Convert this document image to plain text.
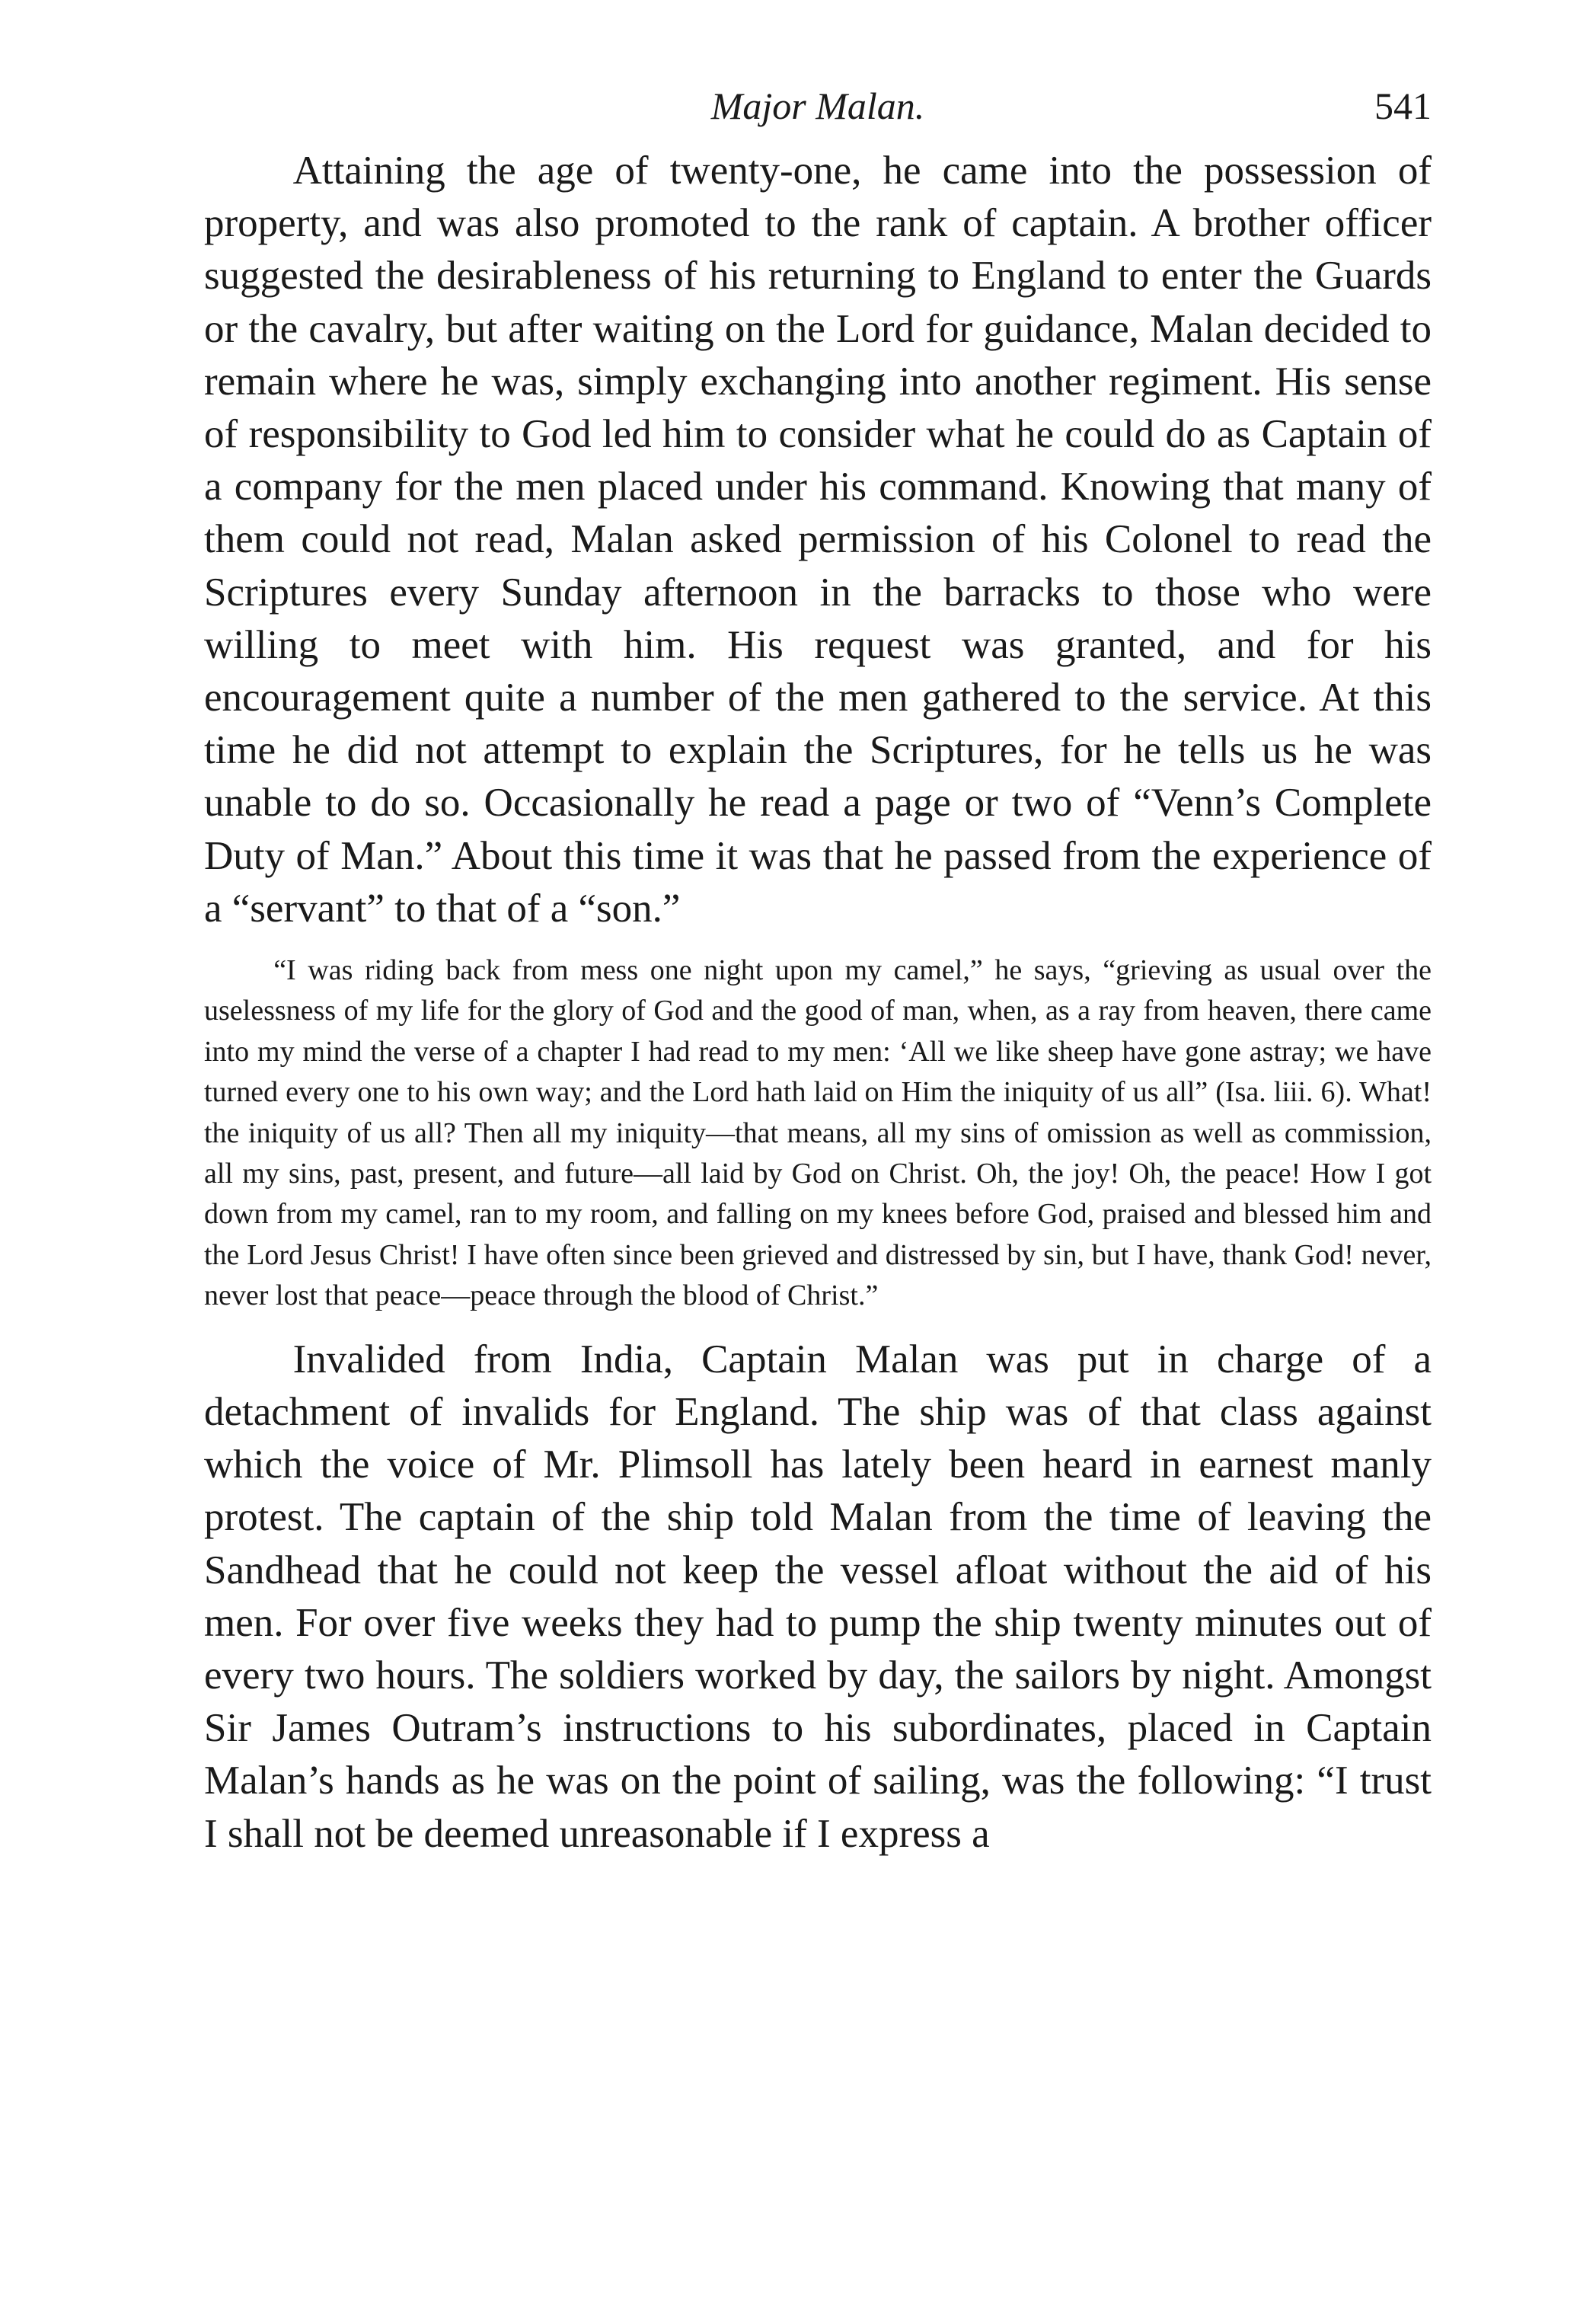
Major Malan.	541

Attaining the age of twenty-one, he came into the possession of property, and was also promoted to the rank of captain. A brother officer suggested the desirableness of his returning to England to enter the Guards or the cavalry, but after waiting on the Lord for guidance, Malan decided to remain where he was, simply exchanging into another regiment. His sense of responsibility to God led him to consider what he could do as Captain of a company for the men placed under his command. Knowing that many of them could not read, Malan asked permission of his Colonel to read the Scriptures every Sunday afternoon in the barracks to those who were willing to meet with him. His request was granted, and for his encouragement quite a number of the men gathered to the service. At this time he did not attempt to explain the Scriptures, for he tells us he was unable to do so. Occasionally he read a page or two of “Venn’s Complete Duty of Man.” About this time it was that he passed from the experience of a “servant” to that of a “son.”

“I was riding back from mess one night upon my camel,” he says, “grieving as usual over the uselessness of my life for the glory of God and the good of man, when, as a ray from heaven, there came into my mind the verse of a chapter I had read to my men: ‘All we like sheep have gone astray; we have turned every one to his own way; and the Lord hath laid on Him the iniquity of us all” (Isa. liii. 6). What! the iniquity of us all? Then all my iniquity—that means, all my sins of omission as well as commission, all my sins, past, present, and future—all laid by God on Christ. Oh, the joy! Oh, the peace! How I got down from my camel, ran to my room, and falling on my knees before God, praised and blessed him and the Lord Jesus Christ! I have often since been grieved and distressed by sin, but I have, thank God! never, never lost that peace—peace through the blood of Christ.”

Invalided from India, Captain Malan was put in charge of a detachment of invalids for England. The ship was of that class against which the voice of Mr. Plimsoll has lately been heard in earnest manly protest. The captain of the ship told Malan from the time of leaving the Sandhead that he could not keep the vessel afloat without the aid of his men. For over five weeks they had to pump the ship twenty minutes out of every two hours. The soldiers worked by day, the sailors by night. Amongst Sir James Outram’s instructions to his subordinates, placed in Captain Malan’s hands as he was on the point of sailing, was the following: “I trust I shall not be deemed unreasonable if I express a
